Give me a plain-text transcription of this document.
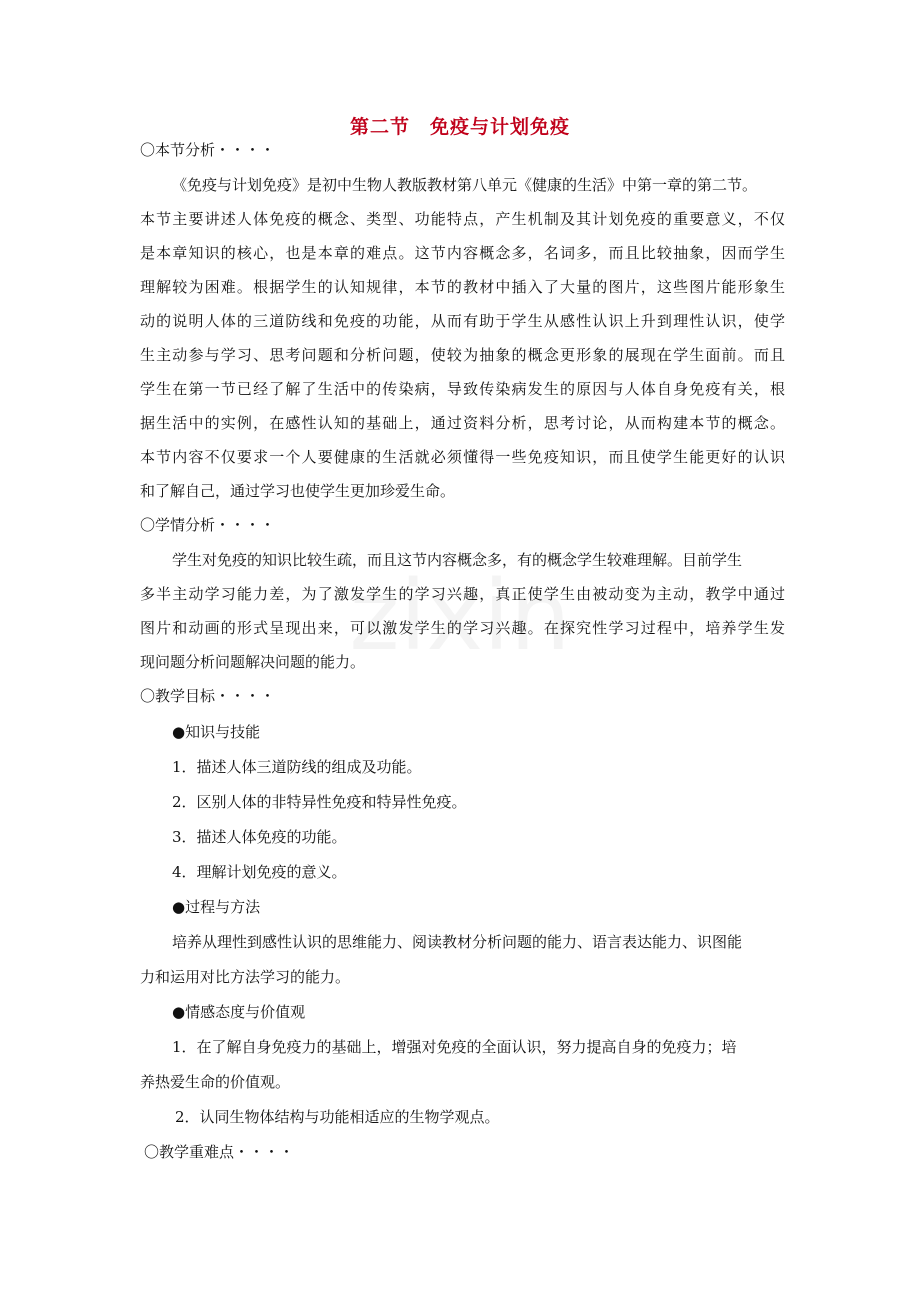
第二节　免疫与计划免疫
〇本节分析・・・・
《免疫与计划免疫》是初中生物人教版教材第八单元《健康的生活》中第一章的第二节。
本节主要讲述人体免疫的概念、类型、功能特点，产生机制及其计划免疫的重要意义，不仅
是本章知识的核心，也是本章的难点。这节内容概念多，名词多，而且比较抽象，因而学生
理解较为困难。根据学生的认知规律，本节的教材中插入了大量的图片，这些图片能形象生
动的说明人体的三道防线和免疫的功能，从而有助于学生从感性认识上升到理性认识，使学
生主动参与学习、思考问题和分析问题，使较为抽象的概念更形象的展现在学生面前。而且
学生在第一节已经了解了生活中的传染病，导致传染病发生的原因与人体自身免疫有关，根
据生活中的实例，在感性认知的基础上，通过资料分析，思考讨论，从而构建本节的概念。
本节内容不仅要求一个人要健康的生活就必须懂得一些免疫知识，而且使学生能更好的认识
和了解自己，通过学习也使学生更加珍爱生命。
〇学情分析・・・・
学生对免疫的知识比较生疏，而且这节内容概念多，有的概念学生较难理解。目前学生
多半主动学习能力差，为了激发学生的学习兴趣，真正使学生由被动变为主动，教学中通过
图片和动画的形式呈现出来，可以激发学生的学习兴趣。在探究性学习过程中，培养学生发
现问题分析问题解决问题的能力。
〇教学目标・・・・
●知识与技能
1．描述人体三道防线的组成及功能。
2．区别人体的非特异性免疫和特异性免疫。
3．描述人体免疫的功能。
4．理解计划免疫的意义。
●过程与方法
培养从理性到感性认识的思维能力、阅读教材分析问题的能力、语言表达能力、识图能
力和运用对比方法学习的能力。
●情感态度与价值观
1．在了解自身免疫力的基础上，增强对免疫的全面认识，努力提高自身的免疫力；培
养热爱生命的价值观。
2．认同生物体结构与功能相适应的生物学观点。
〇教学重难点・・・・
